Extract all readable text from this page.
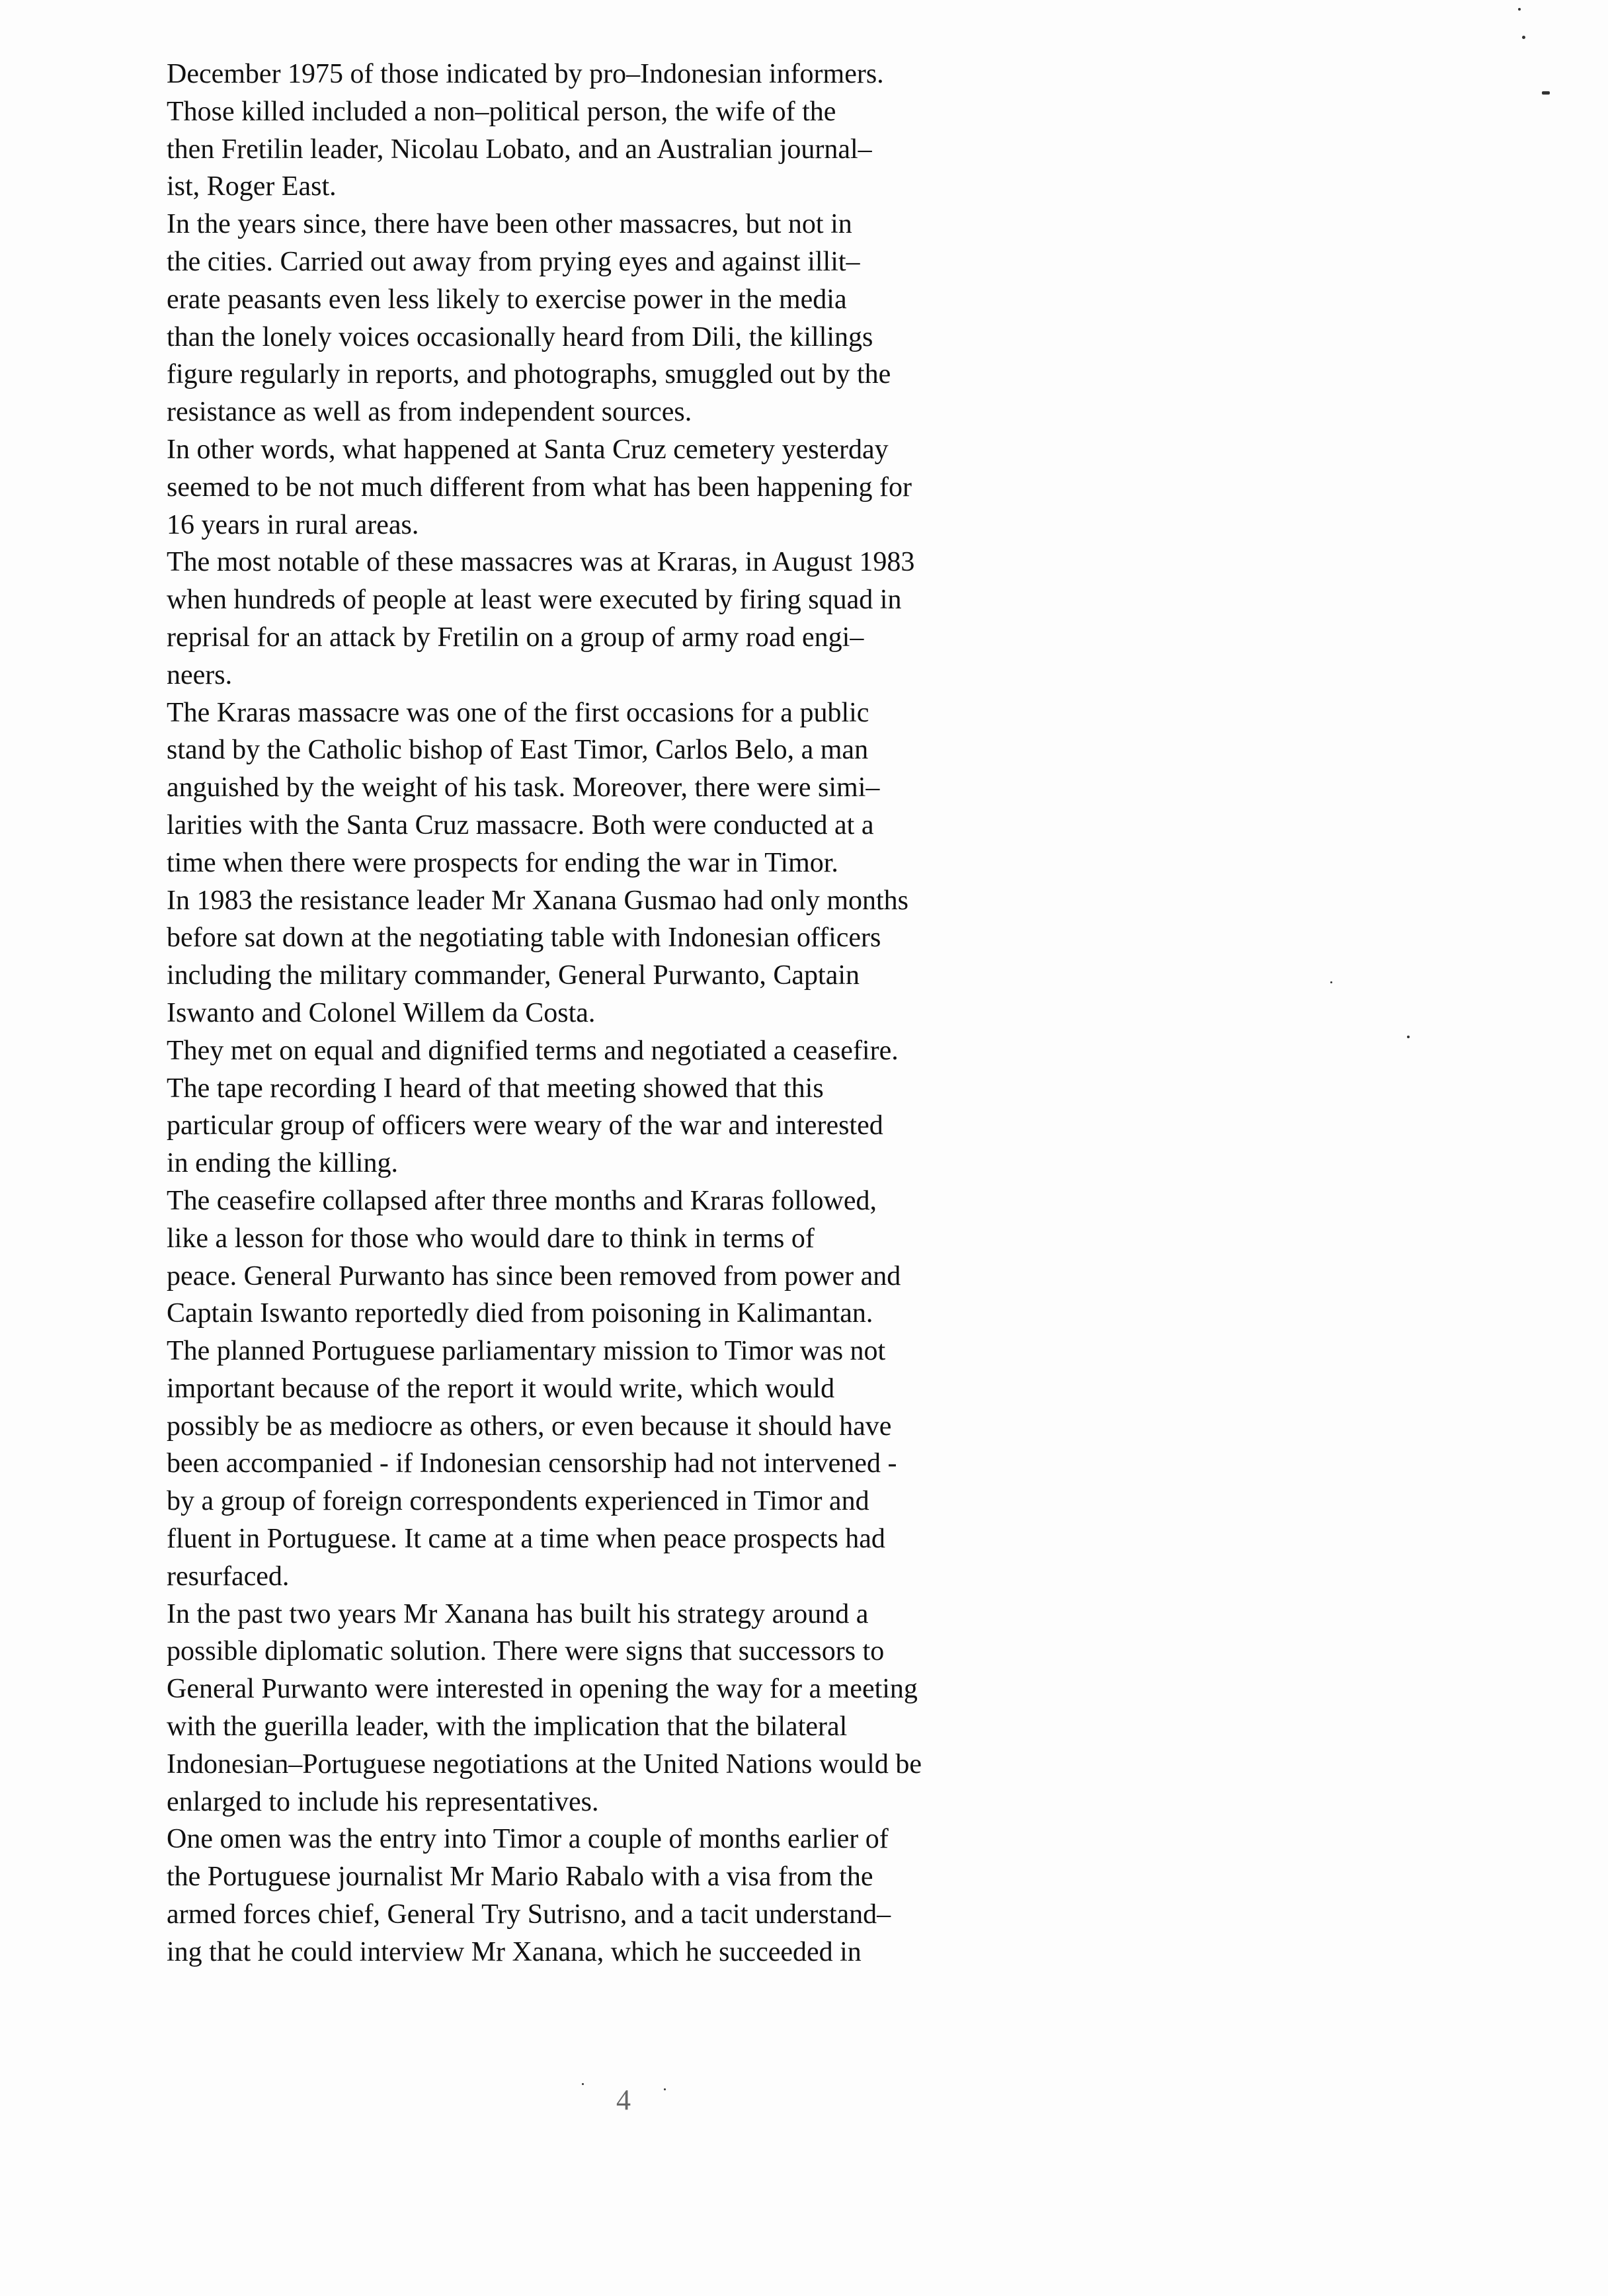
December 1975 of those indicated by pro–Indonesian informers.
Those killed included a non–political person, the wife of the
then Fretilin leader, Nicolau Lobato, and an Australian journal–
ist, Roger East.
In the years since, there have been other massacres, but not in
the cities. Carried out away from prying eyes and against illit–
erate peasants even less likely to exercise power in the media
than the lonely voices occasionally heard from Dili, the killings
figure regularly in reports, and photographs, smuggled out by the
resistance as well as from independent sources.
In other words, what happened at Santa Cruz cemetery yesterday
seemed to be not much different from what has been happening for
16 years in rural areas.
The most notable of these massacres was at Kraras, in August 1983
when hundreds of people at least were executed by firing squad in
reprisal for an attack by Fretilin on a group of army road engi–
neers.
The Kraras massacre was one of the first occasions for a public
stand by the Catholic bishop of East Timor, Carlos Belo, a man
anguished by the weight of his task. Moreover, there were simi–
larities with the Santa Cruz massacre. Both were conducted at a
time when there were prospects for ending the war in Timor.
In 1983 the resistance leader Mr Xanana Gusmao had only months
before sat down at the negotiating table with Indonesian officers
including the military commander, General Purwanto, Captain
Iswanto and Colonel Willem da Costa.
They met on equal and dignified terms and negotiated a ceasefire.
The tape recording I heard of that meeting showed that this
particular group of officers were weary of the war and interested
in ending the killing.
The ceasefire collapsed after three months and Kraras followed,
like a lesson for those who would dare to think in terms of
peace. General Purwanto has since been removed from power and
Captain Iswanto reportedly died from poisoning in Kalimantan.
The planned Portuguese parliamentary mission to Timor was not
important because of the report it would write, which would
possibly be as mediocre as others, or even because it should have
been accompanied - if Indonesian censorship had not intervened -
by a group of foreign correspondents experienced in Timor and
fluent in Portuguese. It came at a time when peace prospects had
resurfaced.
In the past two years Mr Xanana has built his strategy around a
possible diplomatic solution. There were signs that successors to
General Purwanto were interested in opening the way for a meeting
with the guerilla leader, with the implication that the bilateral
Indonesian–Portuguese negotiations at the United Nations would be
enlarged to include his representatives.
One omen was the entry into Timor a couple of months earlier of
the Portuguese journalist Mr Mario Rabalo with a visa from the
armed forces chief, General Try Sutrisno, and a tacit understand–
ing that he could interview Mr Xanana, which he succeeded in
4
